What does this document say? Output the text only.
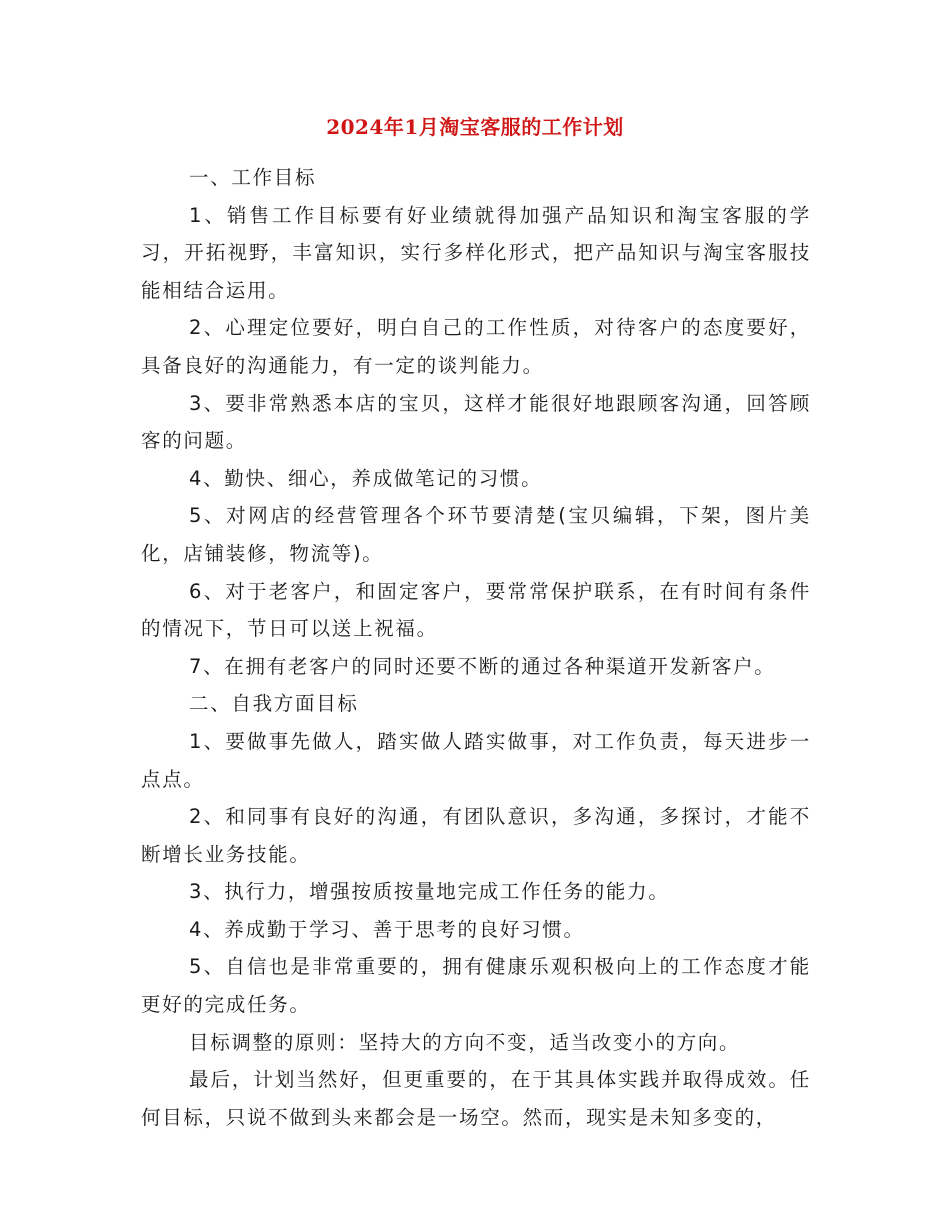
2024年1月淘宝客服的工作计划

一、工作目标

1、销售工作目标要有好业绩就得加强产品知识和淘宝客服的学习，开拓视野，丰富知识，实行多样化形式，把产品知识与淘宝客服技能相结合运用。

2、心理定位要好，明白自己的工作性质，对待客户的态度要好，具备良好的沟通能力，有一定的谈判能力。

3、要非常熟悉本店的宝贝，这样才能很好地跟顾客沟通，回答顾客的问题。

4、勤快、细心，养成做笔记的习惯。

5、对网店的经营管理各个环节要清楚(宝贝编辑，下架，图片美化，店铺装修，物流等)。

6、对于老客户，和固定客户，要常常保护联系，在有时间有条件的情况下，节日可以送上祝福。

7、在拥有老客户的同时还要不断的通过各种渠道开发新客户。

二、自我方面目标

1、要做事先做人，踏实做人踏实做事，对工作负责，每天进步一点点。

2、和同事有良好的沟通，有团队意识，多沟通，多探讨，才能不断增长业务技能。

3、执行力，增强按质按量地完成工作任务的能力。

4、养成勤于学习、善于思考的良好习惯。

5、自信也是非常重要的，拥有健康乐观积极向上的工作态度才能更好的完成任务。

目标调整的原则：坚持大的方向不变，适当改变小的方向。

最后，计划当然好，但更重要的，在于其具体实践并取得成效。任何目标，只说不做到头来都会是一场空。然而，现实是未知多变的，
